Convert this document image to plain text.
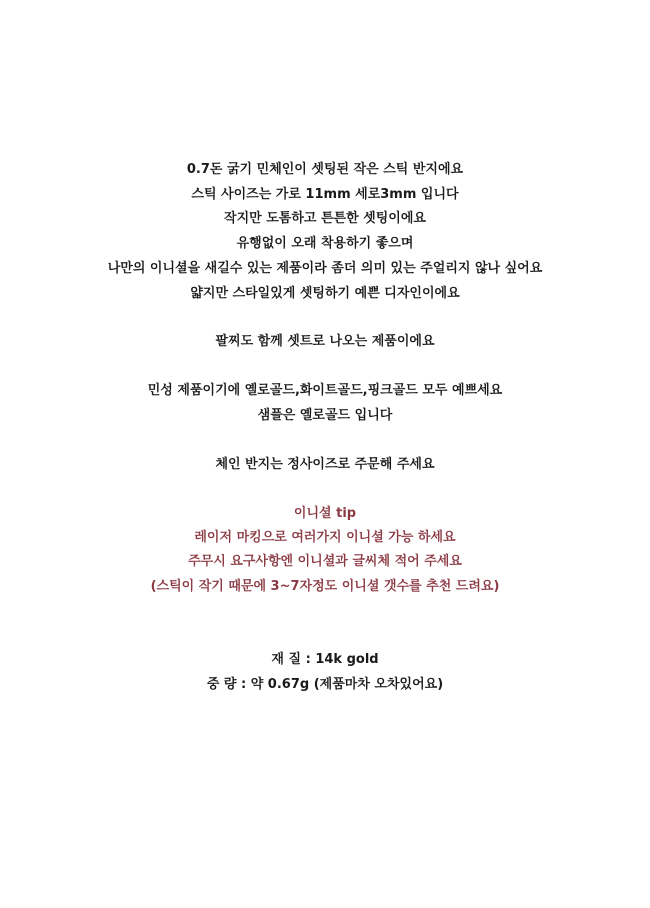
0.7돈 굵기 민체인이 셋팅된 작은 스틱 반지에요
스틱 사이즈는 가로 11mm 세로3mm 입니다
작지만 도톰하고 튼튼한 셋팅이에요
유행없이 오래 착용하기 좋으며
나만의 이니셜을 새길수 있는 제품이라 좀더 의미 있는 주얼리지 않나 싶어요
얇지만 스타일있게 셋팅하기 예쁜 디자인이에요
팔찌도 함께 셋트로 나오는 제품이에요
민성 제품이기에 옐로골드,화이트골드,핑크골드 모두 예쁘세요
샘플은 옐로골드 입니다
체인 반지는 정사이즈로 주문해 주세요
이니셜 tip
레이저 마킹으로 여러가지 이니셜 가능 하세요
주무시 요구사항엔 이니셜과 글씨체 적어 주세요
(스틱이 작기 때문에 3~7자정도 이니셜 갯수를 추천 드려요)
재 질 : 14k gold
중 량 : 약 0.67g (제품마차 오차있어요)
